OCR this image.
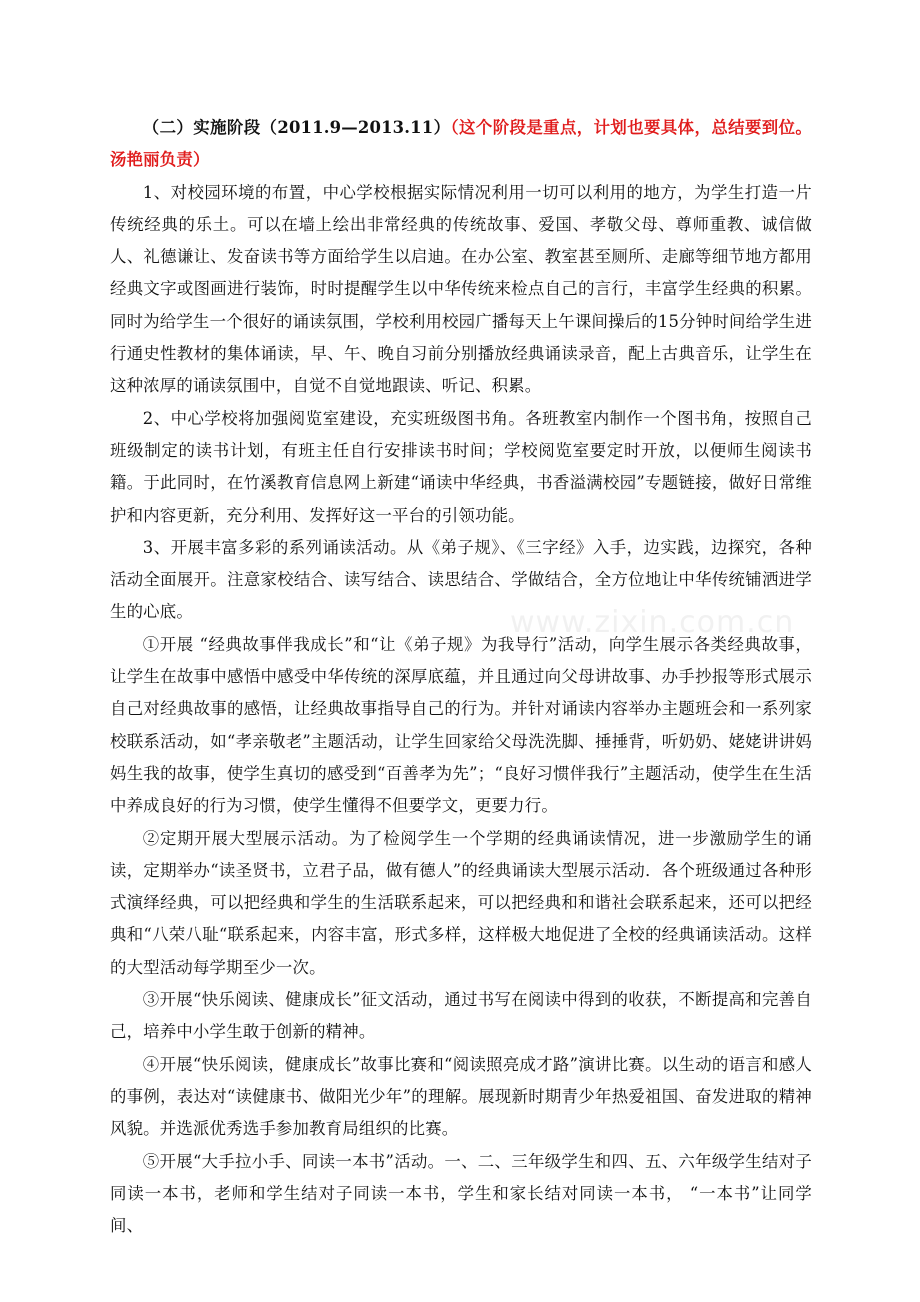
www.zixin.com.cn

（二）实施阶段（2011.9—2013.11）（这个阶段是重点，计划也要具体，总结要到位。汤艳丽负责）

1、对校园环境的布置，中心学校根据实际情况利用一切可以利用的地方，为学生打造一片传统经典的乐土。可以在墙上绘出非常经典的传统故事、爱国、孝敬父母、尊师重教、诚信做人、礼德谦让、发奋读书等方面给学生以启迪。在办公室、教室甚至厕所、走廊等细节地方都用经典文字或图画进行装饰，时时提醒学生以中华传统来检点自己的言行，丰富学生经典的积累。同时为给学生一个很好的诵读氛围，学校利用校园广播每天上午课间操后的15分钟时间给学生进行通史性教材的集体诵读，早、午、晚自习前分别播放经典诵读录音，配上古典音乐，让学生在这种浓厚的诵读氛围中，自觉不自觉地跟读、听记、积累。

2、中心学校将加强阅览室建设，充实班级图书角。各班教室内制作一个图书角，按照自己班级制定的读书计划，有班主任自行安排读书时间；学校阅览室要定时开放，以便师生阅读书籍。于此同时，在竹溪教育信息网上新建“诵读中华经典，书香溢满校园”专题链接，做好日常维护和内容更新，充分利用、发挥好这一平台的引领功能。

3、开展丰富多彩的系列诵读活动。从《弟子规》、《三字经》入手，边实践，边探究，各种活动全面展开。注意家校结合、读写结合、读思结合、学做结合，全方位地让中华传统铺洒进学生的心底。

①开展 “经典故事伴我成长”和“让《弟子规》为我导行”活动，向学生展示各类经典故事，让学生在故事中感悟中感受中华传统的深厚底蕴，并且通过向父母讲故事、办手抄报等形式展示自己对经典故事的感悟，让经典故事指导自己的行为。并针对诵读内容举办主题班会和一系列家校联系活动，如“孝亲敬老”主题活动，让学生回家给父母洗洗脚、捶捶背，听奶奶、姥姥讲讲妈妈生我的故事，使学生真切的感受到“百善孝为先”；“良好习惯伴我行”主题活动，使学生在生活中养成良好的行为习惯，使学生懂得不但要学文，更要力行。

②定期开展大型展示活动。为了检阅学生一个学期的经典诵读情况，进一步激励学生的诵读，定期举办“读圣贤书，立君子品，做有德人”的经典诵读大型展示活动．各个班级通过各种形式演绎经典，可以把经典和学生的生活联系起来，可以把经典和和谐社会联系起来，还可以把经典和“八荣八耻“联系起来，内容丰富，形式多样，这样极大地促进了全校的经典诵读活动。这样的大型活动每学期至少一次。

③开展“快乐阅读、健康成长”征文活动，通过书写在阅读中得到的收获，不断提高和完善自己，培养中小学生敢于创新的精神。

④开展“快乐阅读，健康成长”故事比赛和“阅读照亮成才路”演讲比赛。以生动的语言和感人的事例，表达对“读健康书、做阳光少年”的理解。展现新时期青少年热爱祖国、奋发进取的精神风貌。并选派优秀选手参加教育局组织的比赛。

⑤开展“大手拉小手、同读一本书”活动。一、二、三年级学生和四、五、六年级学生结对子同读一本书，老师和学生结对子同读一本书，学生和家长结对同读一本书， “一本书”让同学间、
